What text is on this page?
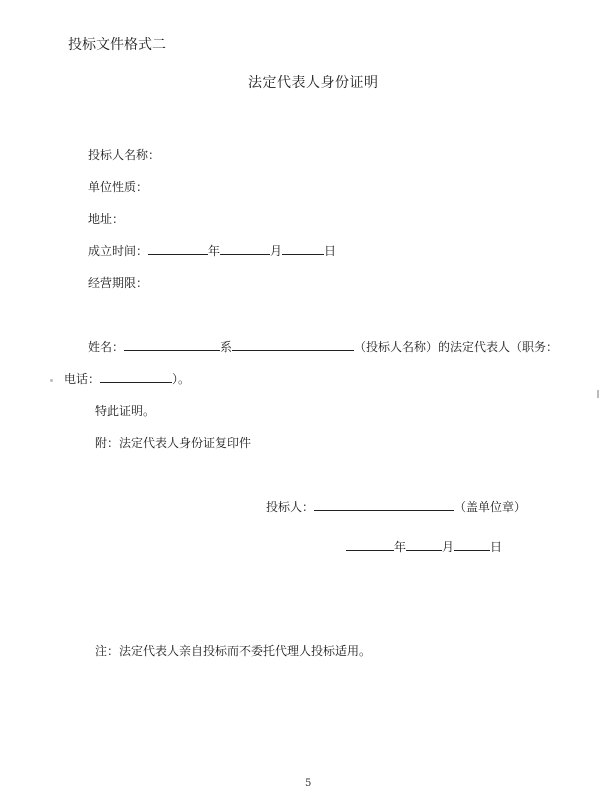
投标文件格式二
法定代表人身份证明
投标人名称：
单位性质：
地址：
成立时间：	年	月	日
经营期限：
姓名：	系	（投标人名称）的法定代表人（职务：
电话：	）。
特此证明。
附：法定代表人身份证复印件
投标人：	（盖单位章）
年	月	日
注：法定代表人亲自投标而不委托代理人投标适用。
5
